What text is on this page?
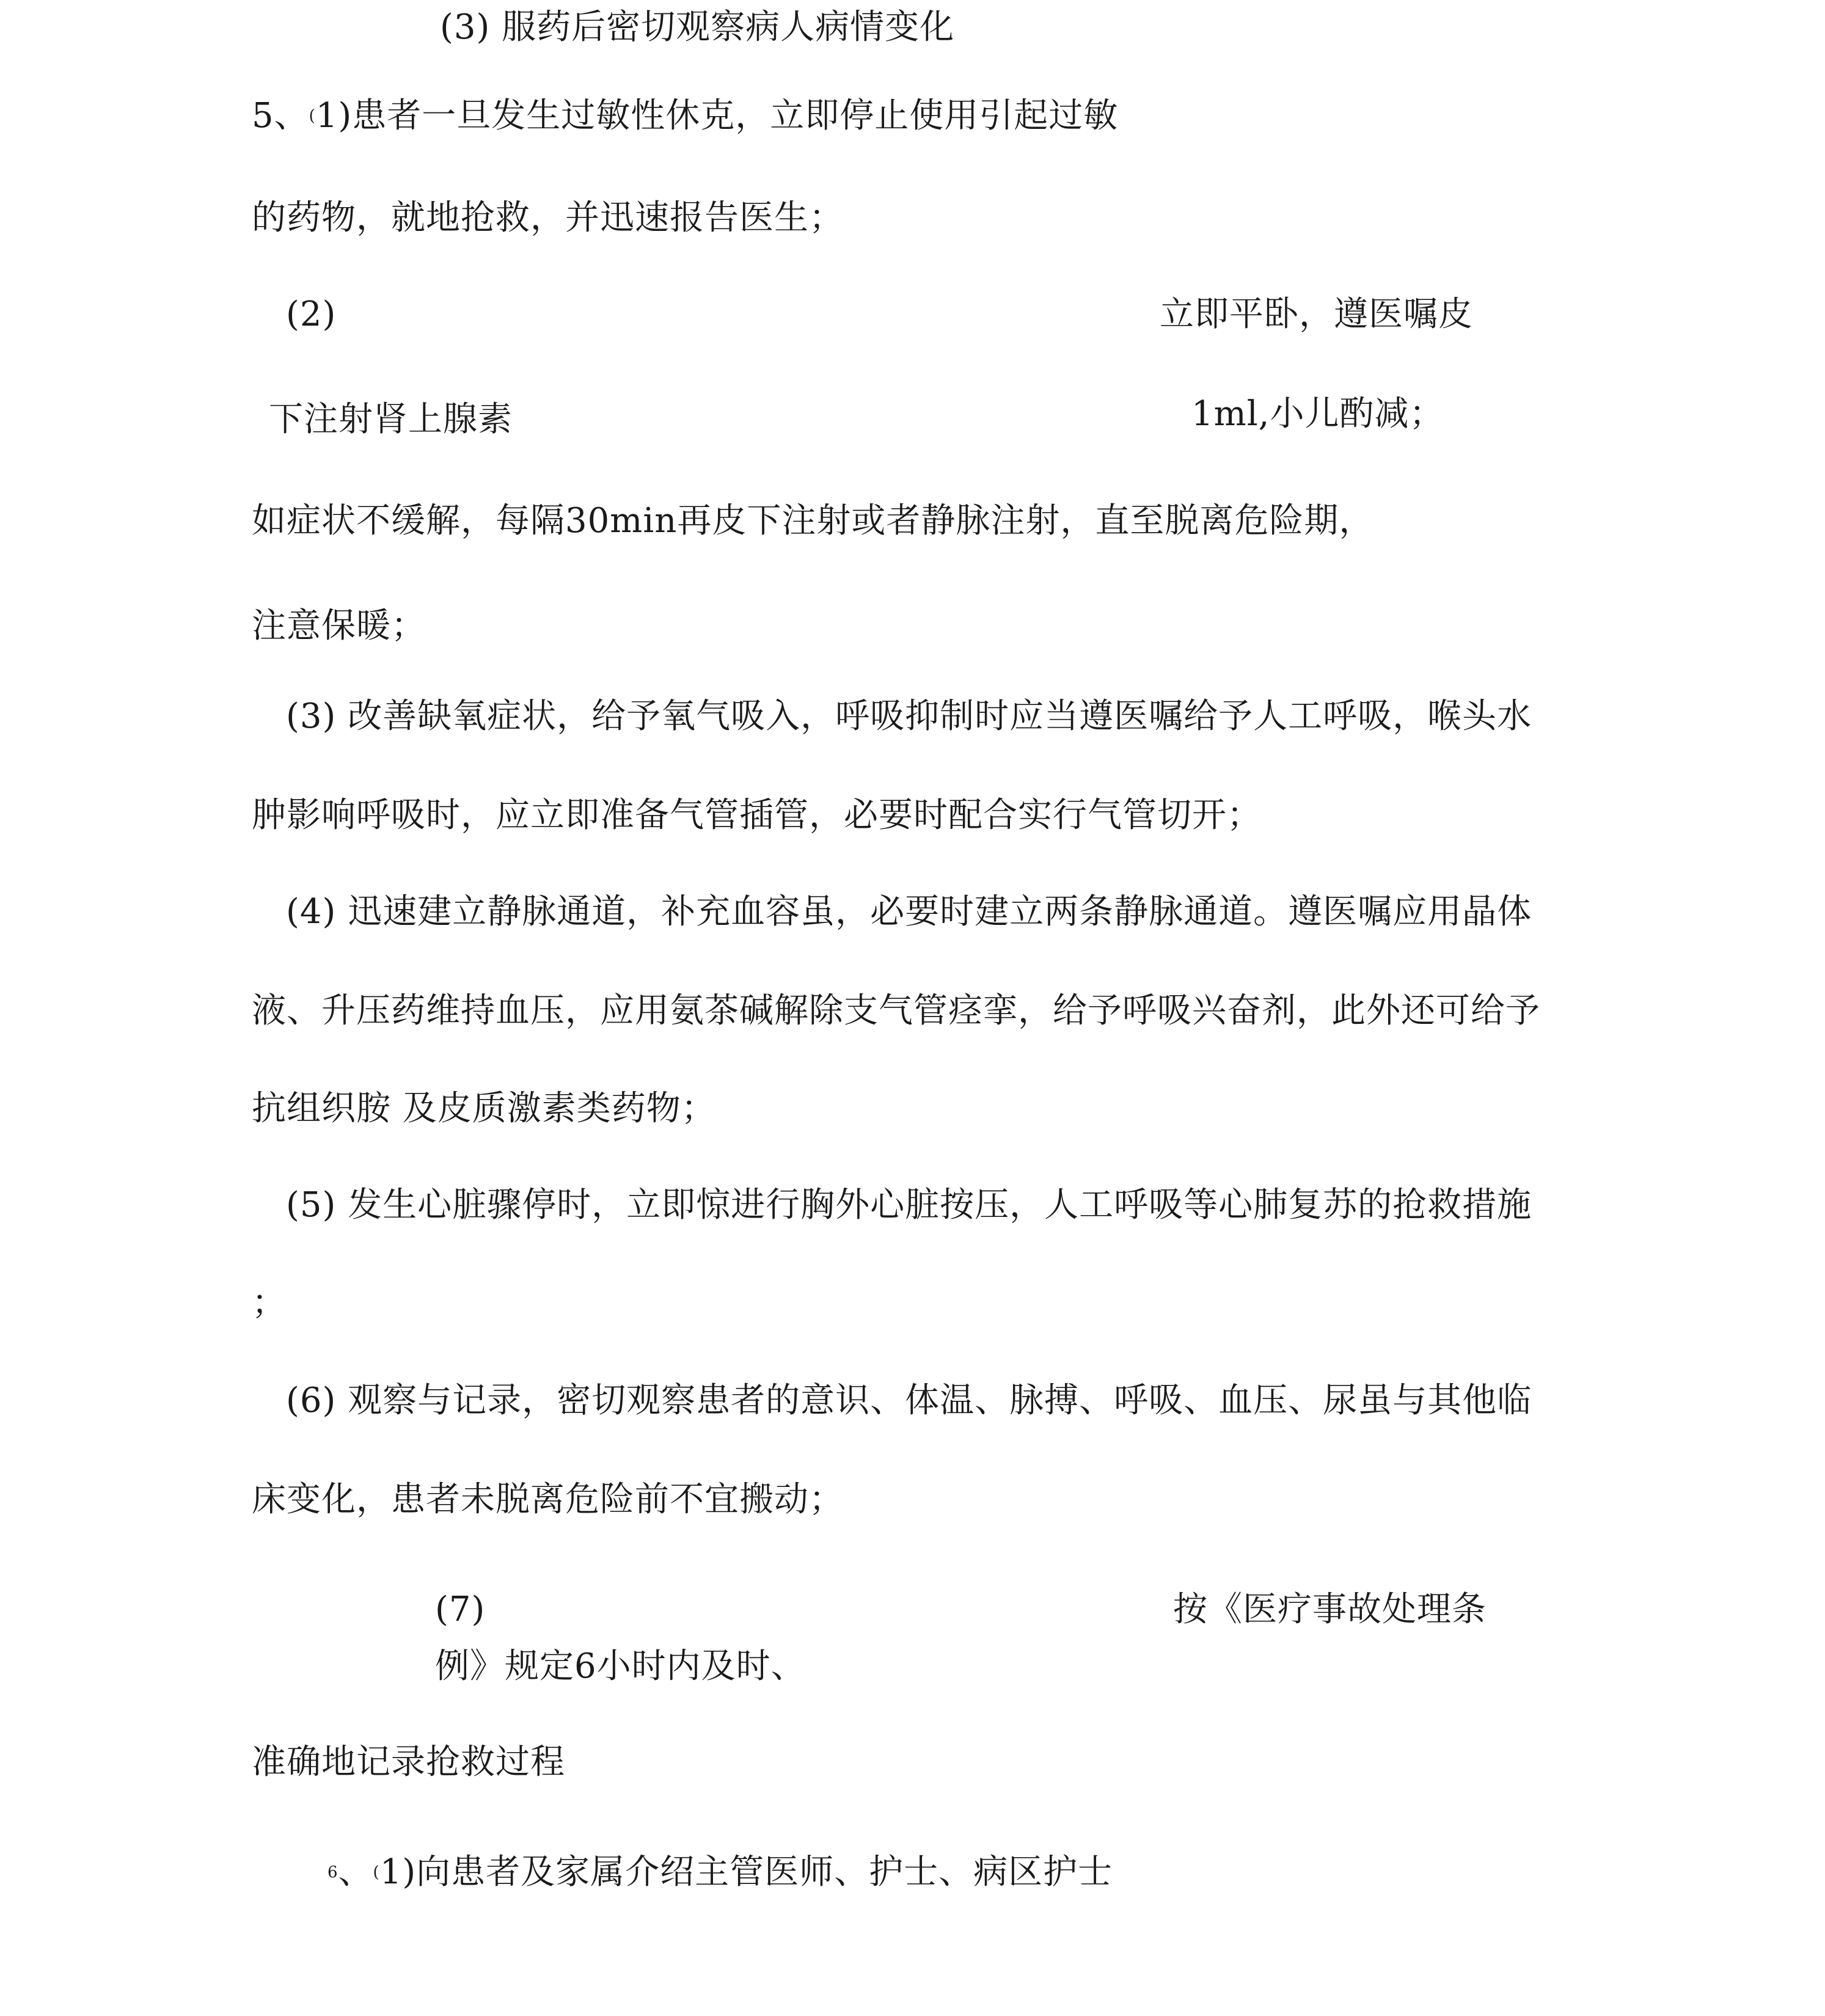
(3) 服药后密切观察病人病情变化
5、(1)患者一旦发生过敏性休克，立即停止使用引起过敏
的药物，就地抢救，并迅速报告医生；
(2)	立即平卧，遵医嘱皮
下注射肾上腺素	1ml,小儿酌减；
如症状不缓解，每隔30min再皮下注射或者静脉注射，直至脱离危险期，
注意保暖；
(3) 改善缺氧症状，给予氧气吸入，呼吸抑制时应当遵医嘱给予人工呼吸，喉头水
肿影响呼吸时，应立即准备气管插管，必要时配合实行气管切开；
(4) 迅速建立静脉通道，补充血容虽，必要时建立两条静脉通道。遵医嘱应用晶体
液、升压药维持血压，应用氨茶碱解除支气管痉挛，给予呼吸兴奋剂，此外还可给予
抗组织胺 及皮质激素类药物；
(5) 发生心脏骤停时，立即惊进行胸外心脏按压，人工呼吸等心肺复苏的抢救措施
；
(6) 观察与记录，密切观察患者的意识、体温、脉搏、呼吸、血压、尿虽与其他临
床变化，患者未脱离危险前不宜搬动；
(7)	按《医疗事故处理条
例》规定6小时内及时、
准确地记录抢救过程
$^6$、(1)向患者及家属介绍主管医师、护士、病区护士
